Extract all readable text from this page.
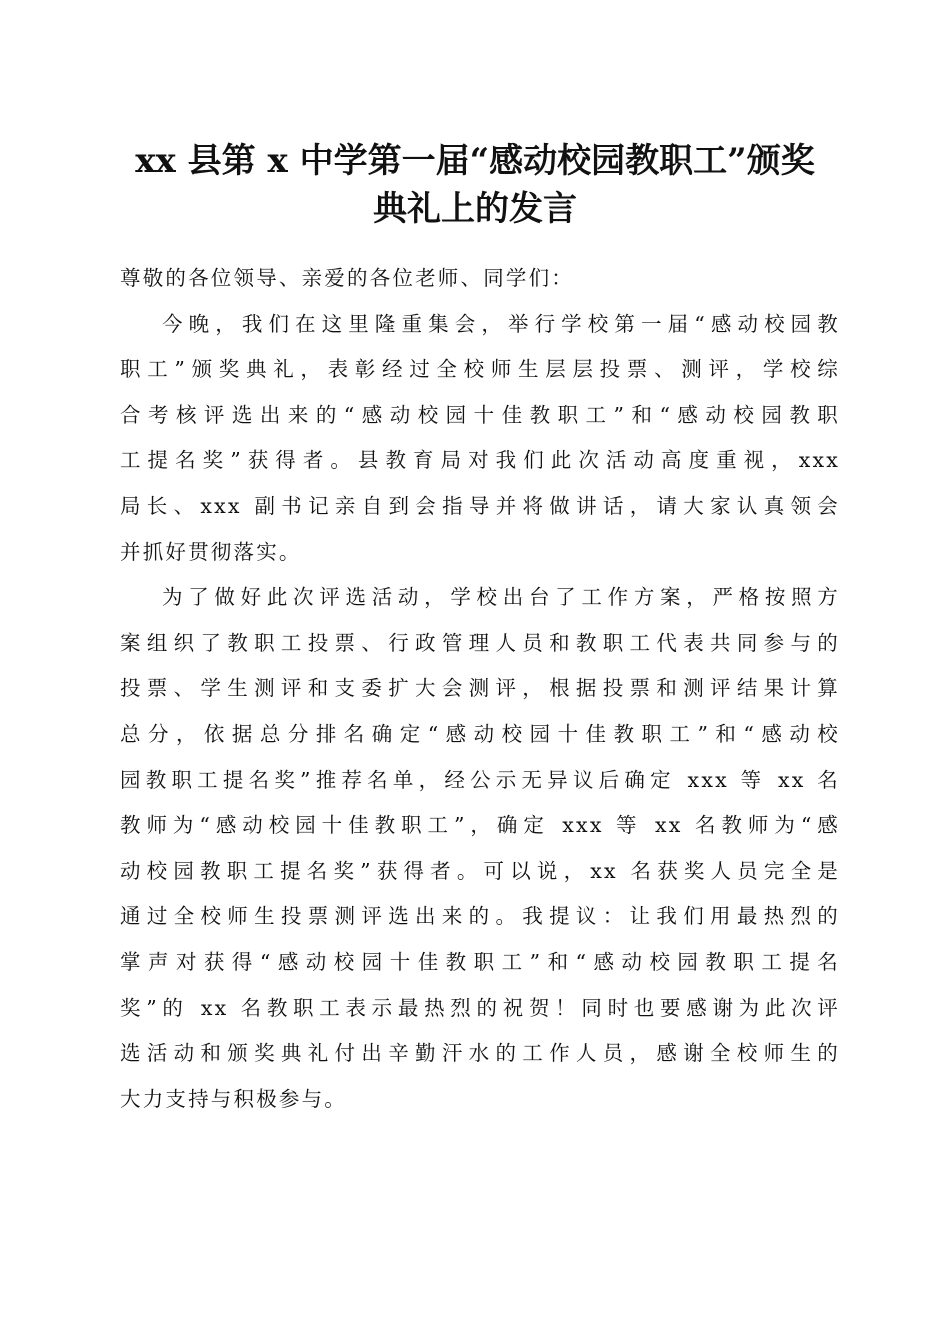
xx 县第 x 中学第一届“感动校园教职工”颁奖
典礼上的发言
尊敬的各位领导、亲爱的各位老师、同学们：
今晚，我们在这里隆重集会，举行学校第一届“感动校园教
职工”颁奖典礼，表彰经过全校师生层层投票、测评，学校综
合考核评选出来的“感动校园十佳教职工”和“感动校园教职
工提名奖”获得者。县教育局对我们此次活动高度重视，xxx
局长、xxx 副书记亲自到会指导并将做讲话，请大家认真领会
并抓好贯彻落实。
为了做好此次评选活动，学校出台了工作方案，严格按照方
案组织了教职工投票、行政管理人员和教职工代表共同参与的
投票、学生测评和支委扩大会测评，根据投票和测评结果计算
总分，依据总分排名确定“感动校园十佳教职工”和“感动校
园教职工提名奖”推荐名单，经公示无异议后确定 xxx 等 xx 名
教师为“感动校园十佳教职工”，确定 xxx 等 xx 名教师为“感
动校园教职工提名奖”获得者。可以说，xx 名获奖人员完全是
通过全校师生投票测评选出来的。我提议：让我们用最热烈的
掌声对获得“感动校园十佳教职工”和“感动校园教职工提名
奖”的 xx 名教职工表示最热烈的祝贺！同时也要感谢为此次评
选活动和颁奖典礼付出辛勤汗水的工作人员，感谢全校师生的
大力支持与积极参与。
